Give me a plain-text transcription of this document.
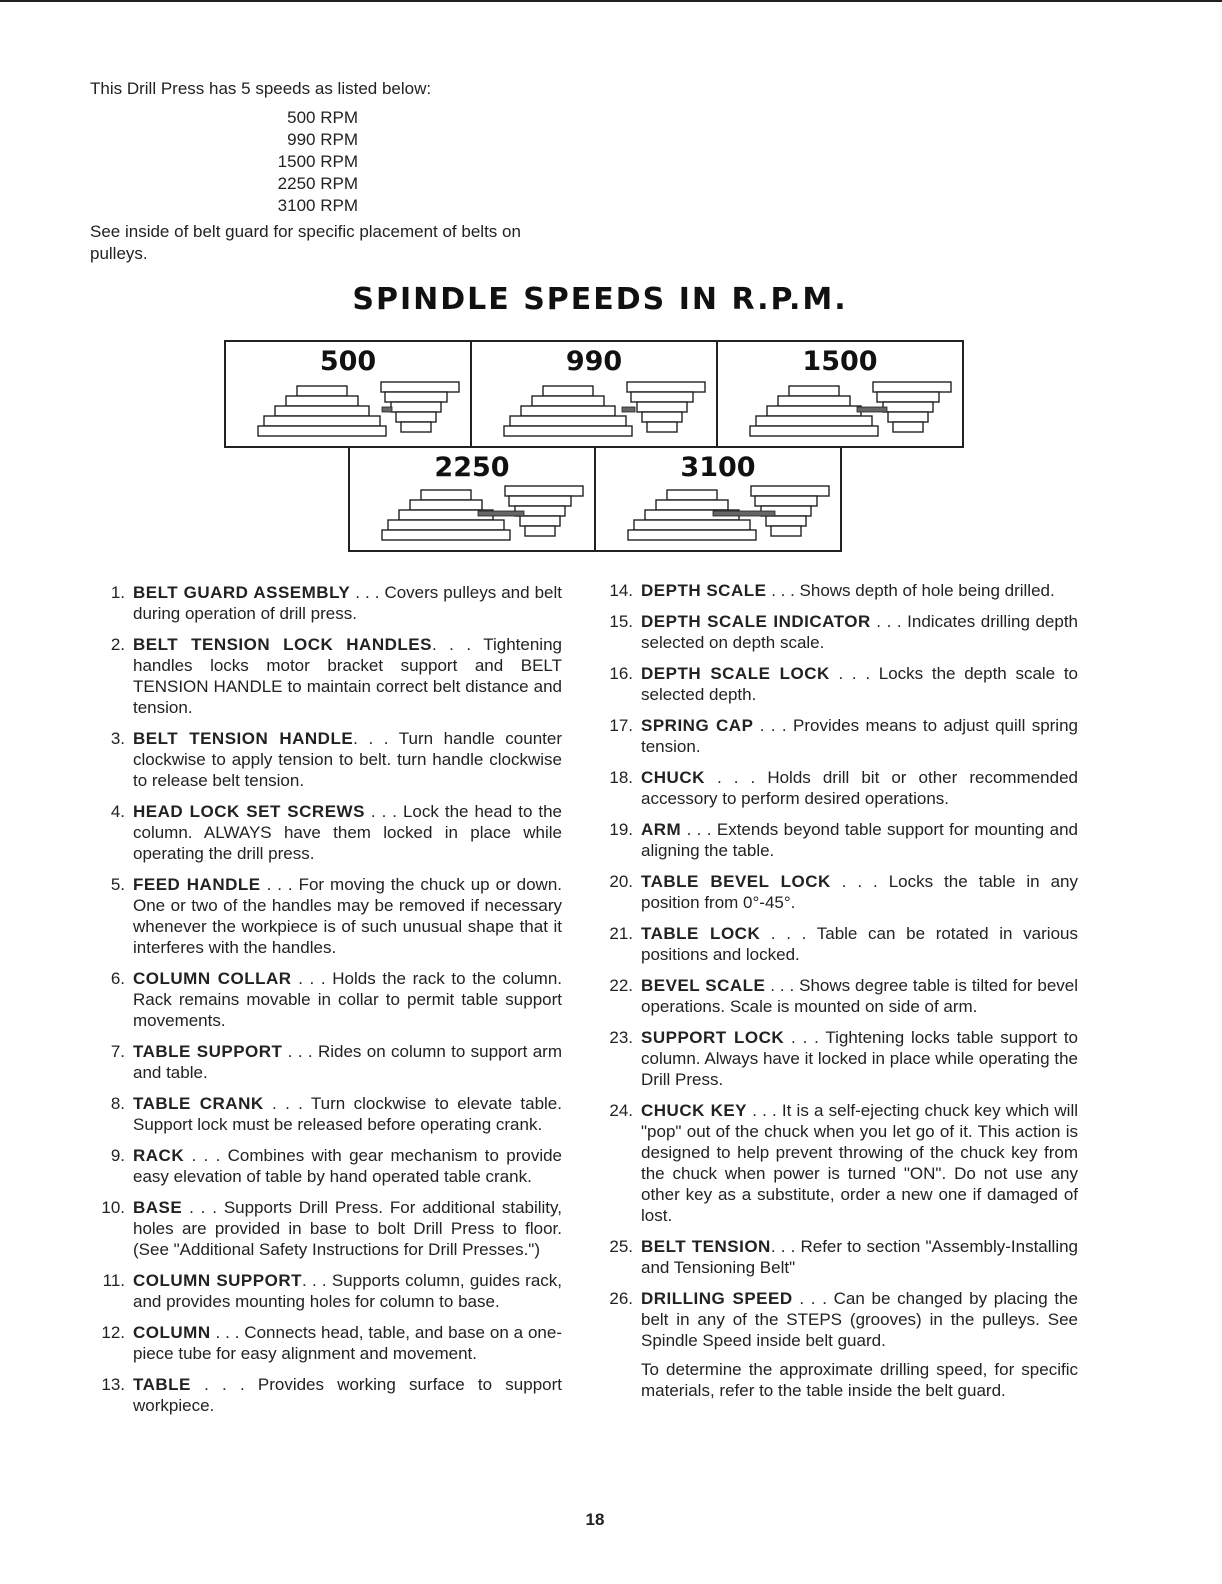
This Drill Press has 5 speeds as listed below:
500 RPM
990 RPM
1500 RPM
2250 RPM
3100 RPM
See inside of belt guard for specific placement of belts on pulleys.
SPINDLE SPEEDS IN R.P.M.
500	990	1500
2250	3100
1. BELT GUARD ASSEMBLY . . . Covers pulleys and belt during operation of drill press.
2. BELT TENSION LOCK HANDLES. . . Tightening handles locks motor bracket support and BELT TENSION HANDLE to maintain correct belt distance and tension.
3. BELT TENSION HANDLE. . . Turn handle counter clockwise to apply tension to belt. turn handle clockwise to release belt tension.
4. HEAD LOCK SET SCREWS . . . Lock the head to the column. ALWAYS have them locked in place while operating the drill press.
5. FEED HANDLE . . . For moving the chuck up or down. One or two of the handles may be removed if necessary whenever the workpiece is of such unusual shape that it interferes with the handles.
6. COLUMN COLLAR . . . Holds the rack to the column. Rack remains movable in collar to permit table support movements.
7. TABLE SUPPORT . . . Rides on column to support arm and table.
8. TABLE CRANK . . . Turn clockwise to elevate table. Support lock must be released before operating crank.
9. RACK . . . Combines with gear mechanism to provide easy elevation of table by hand operated table crank.
10. BASE . . . Supports Drill Press. For additional stability, holes are provided in base to bolt Drill Press to floor. (See "Additional Safety Instructions for Drill Presses.")
11. COLUMN SUPPORT. . . Supports column, guides rack, and provides mounting holes for column to base.
12. COLUMN . . . Connects head, table, and base on a one-piece tube for easy alignment and movement.
13. TABLE . . . Provides working surface to support workpiece.
14. DEPTH SCALE . . . Shows depth of hole being drilled.
15. DEPTH SCALE INDICATOR . . . Indicates drilling depth selected on depth scale.
16. DEPTH SCALE LOCK . . . Locks the depth scale to selected depth.
17. SPRING CAP . . . Provides means to adjust quill spring tension.
18. CHUCK . . . Holds drill bit or other recommended accessory to perform desired operations.
19. ARM . . . Extends beyond table support for mounting and aligning the table.
20. TABLE BEVEL LOCK . . . Locks the table in any position from 0°-45°.
21. TABLE LOCK . . . Table can be rotated in various positions and locked.
22. BEVEL SCALE . . . Shows degree table is tilted for bevel operations. Scale is mounted on side of arm.
23. SUPPORT LOCK . . . Tightening locks table support to column. Always have it locked in place while operating the Drill Press.
24. CHUCK KEY . . . It is a self-ejecting chuck key which will "pop" out of the chuck when you let go of it. This action is designed to help prevent throwing of the chuck key from the chuck when power is turned "ON". Do not use any other key as a substitute, order a new one if damaged of lost.
25. BELT TENSION. . . Refer to section "Assembly-Installing and Tensioning Belt"
26. DRILLING SPEED . . . Can be changed by placing the belt in any of the STEPS (grooves) in the pulleys. See Spindle Speed inside belt guard.
To determine the approximate drilling speed, for specific materials, refer to the table inside the belt guard.
18
